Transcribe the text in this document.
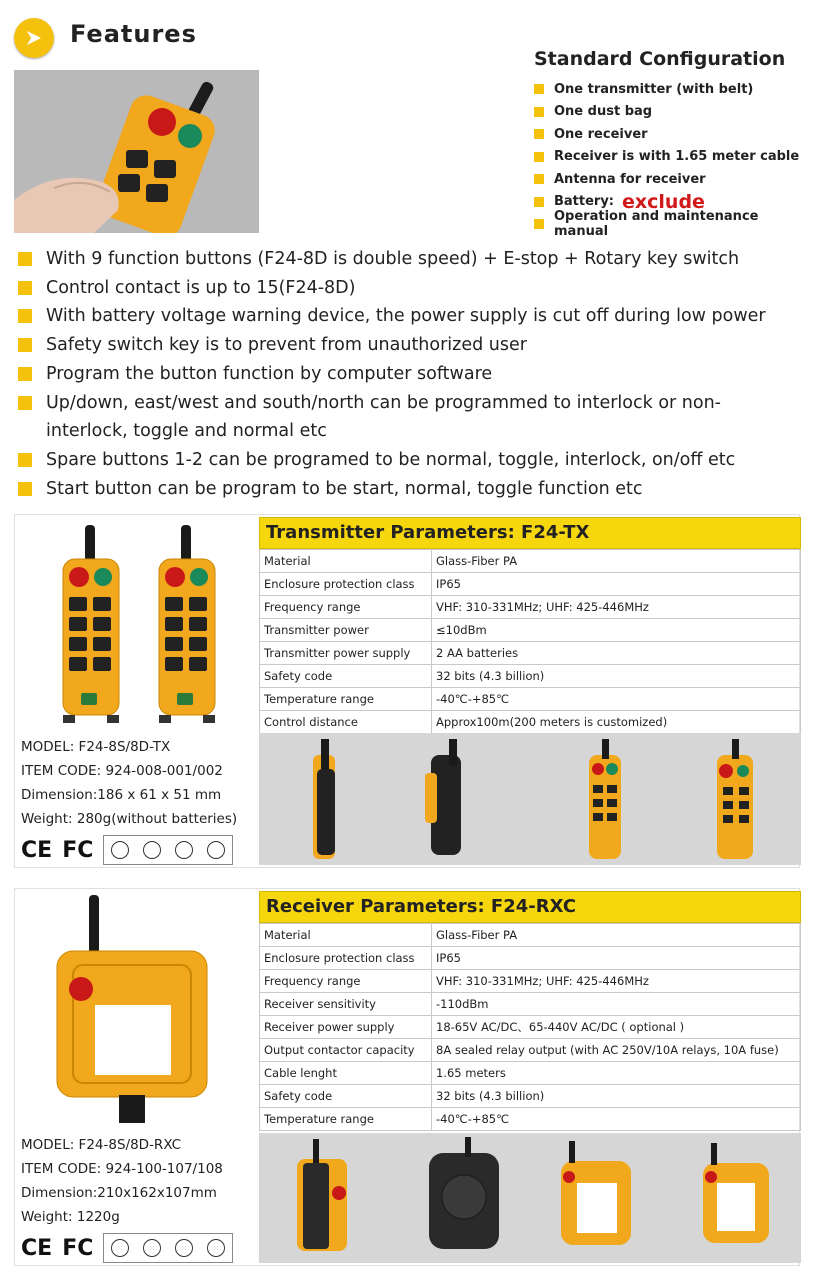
Features
Standard Configuration
One transmitter (with belt)
One dust bag
One receiver
Receiver is with 1.65 meter cable
Antenna for receiver
Battery: exclude
Operation and maintenance manual
With 9 function buttons (F24-8D is double speed) + E-stop + Rotary key switch
Control contact is up to 15(F24-8D)
With battery voltage warning device, the power supply is cut off during low power
Safety switch key is to prevent from unauthorized user
Program the button function by computer software
Up/down, east/west and south/north can be programmed to interlock or non-interlock, toggle and normal etc
Spare buttons 1-2 can be programed to be normal, toggle, interlock, on/off etc
Start button can be program to be start, normal, toggle function etc
Transmitter Parameters: F24-TX
Material	Glass-Fiber PA
Enclosure protection class	IP65
Frequency range	VHF: 310-331MHz; UHF: 425-446MHz
Transmitter power	≤10dBm
Transmitter power supply	2 AA batteries
Safety code	32 bits (4.3 billion)
Temperature range	-40℃-+85℃
Control distance	Approx100m(200 meters is customized)
MODEL: F24-8S/8D-TX
ITEM CODE: 924-008-001/002
Dimension:186 x 61 x 51 mm
Weight: 280g(without batteries)
CE FC
Receiver Parameters: F24-RXC
Material	Glass-Fiber PA
Enclosure protection class	IP65
Frequency range	VHF: 310-331MHz; UHF: 425-446MHz
Receiver sensitivity	-110dBm
Receiver power supply	18-65V AC/DC、65-440V AC/DC ( optional )
Output contactor capacity	8A sealed relay output (with AC 250V/10A relays, 10A fuse)
Cable lenght	1.65 meters
Safety code	32 bits (4.3 billion)
Temperature range	-40℃-+85℃
MODEL: F24-8S/8D-RXC
ITEM CODE: 924-100-107/108
Dimension:210x162x107mm
Weight: 1220g
CE FC
